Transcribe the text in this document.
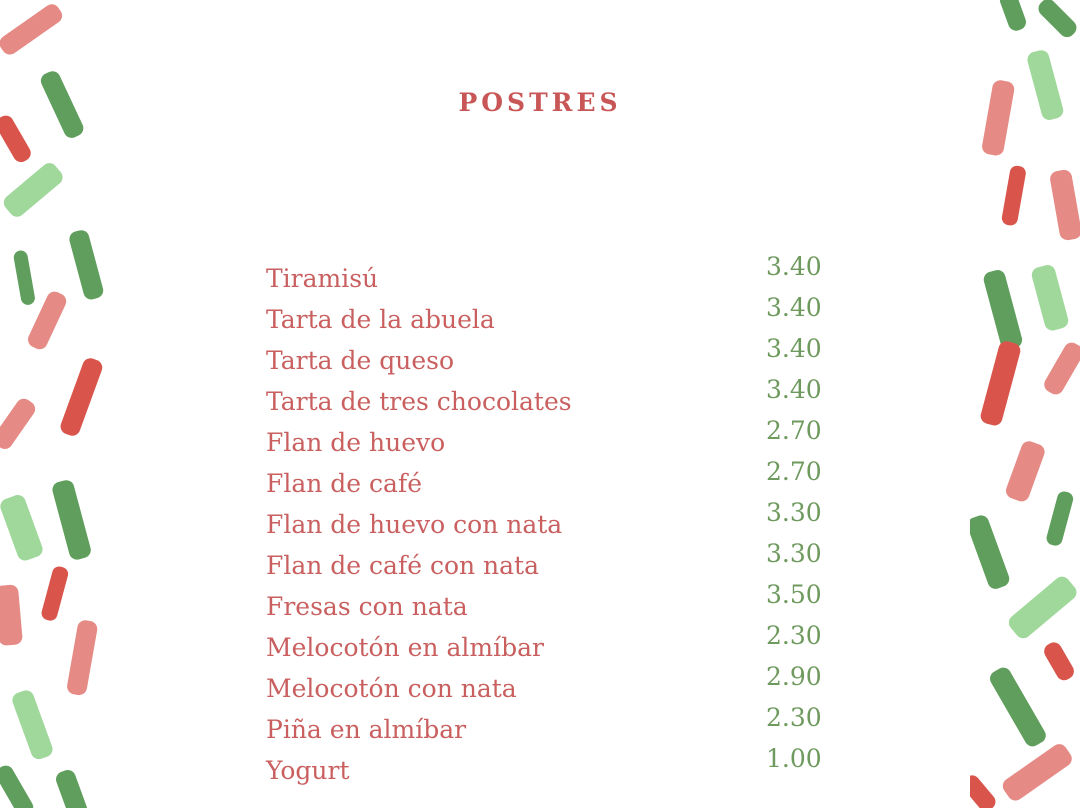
POSTRES
Tiramisú
Tarta de la abuela
Tarta de queso
Tarta de tres chocolates
Flan de huevo
Flan de café
Flan de huevo con nata
Flan de café con nata
Fresas con nata
Melocotón en almíbar
Melocotón con nata
Piña en almíbar
Yogurt
3.40
3.40
3.40
3.40
2.70
2.70
3.30
3.30
3.50
2.30
2.90
2.30
1.00
